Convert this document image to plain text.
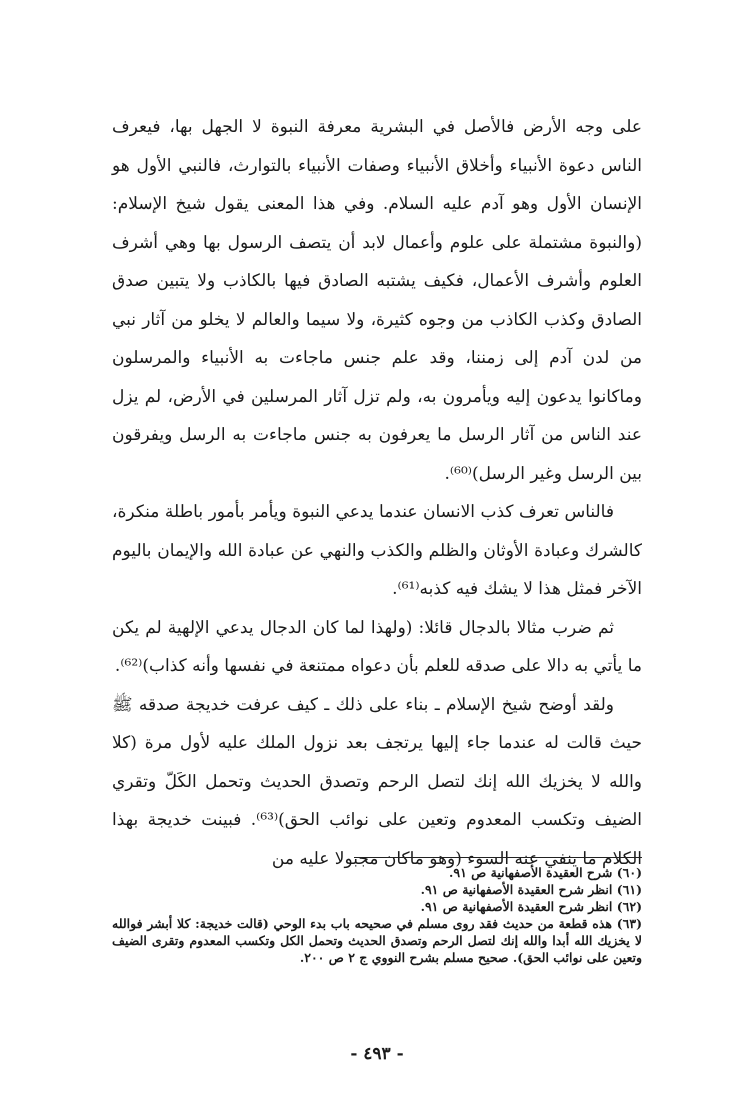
على وجه الأرض فالأصل في البشرية معرفة النبوة لا الجهل بها، فيعرف الناس دعوة الأنبياء وأخلاق الأنبياء وصفات الأنبياء بالتوارث، فالنبي الأول هو الإنسان الأول وهو آدم عليه السلام. وفي هذا المعنى يقول شيخ الإسلام: (والنبوة مشتملة على علوم وأعمال لابد أن يتصف الرسول بها وهي أشرف العلوم وأشرف الأعمال، فكيف يشتبه الصادق فيها بالكاذب ولا يتبين صدق الصادق وكذب الكاذب من وجوه كثيرة، ولا سيما والعالم لا يخلو من آثار نبي من لدن آدم إلى زمننا، وقد علم جنس ماجاءت به الأنبياء والمرسلون وماكانوا يدعون إليه ويأمرون به، ولم تزل آثار المرسلين في الأرض، لم يزل عند الناس من آثار الرسل ما يعرفون به جنس ماجاءت به الرسل ويفرقون بين الرسل وغير الرسل)⁽⁶⁰⁾.

فالناس تعرف كذب الانسان عندما يدعي النبوة ويأمر بأمور باطلة منكرة، كالشرك وعبادة الأوثان والظلم والكذب والنهي عن عبادة الله والإيمان باليوم الآخر فمثل هذا لا يشك فيه كذبه⁽⁶¹⁾.

ثم ضرب مثالا بالدجال قائلا: (ولهذا لما كان الدجال يدعي الإلهية لم يكن ما يأتي به دالا على صدقه للعلم بأن دعواه ممتنعة في نفسها وأنه كذاب)⁽⁶²⁾.

ولقد أوضح شيخ الإسلام ـ بناء على ذلك ـ كيف عرفت خديجة صدقه ﷺ حيث قالت له عندما جاء إليها يرتجف بعد نزول الملك عليه لأول مرة (كلا والله لا يخزيك الله إنك لتصل الرحم وتصدق الحديث وتحمل الكَلّ وتقري الضيف وتكسب المعدوم وتعين على نوائب الحق)⁽⁶³⁾. فبينت خديجة بهذا الكلام ما ينفي عنه السوء (وهو ماكان مجبولا عليه من

(٦٠) شرح العقيدة الأصفهانية ص ٩١.
(٦١) انظر شرح العقيدة الأصفهانية ص ٩١.
(٦٢) انظر شرح العقيدة الأصفهانية ص ٩١.
(٦٣) هذه قطعة من حديث فقد روى مسلم في صحيحه باب بدء الوحي (قالت خديجة: كلا أبشر فوالله لا يخزيك الله أبدا والله إنك لتصل الرحم وتصدق الحديث وتحمل الكل وتكسب المعدوم وتقرى الضيف وتعين على نوائب الحق). صحيح مسلم بشرح النووي ج ٢ ص ٢٠٠.
- ٤٩٣ -
